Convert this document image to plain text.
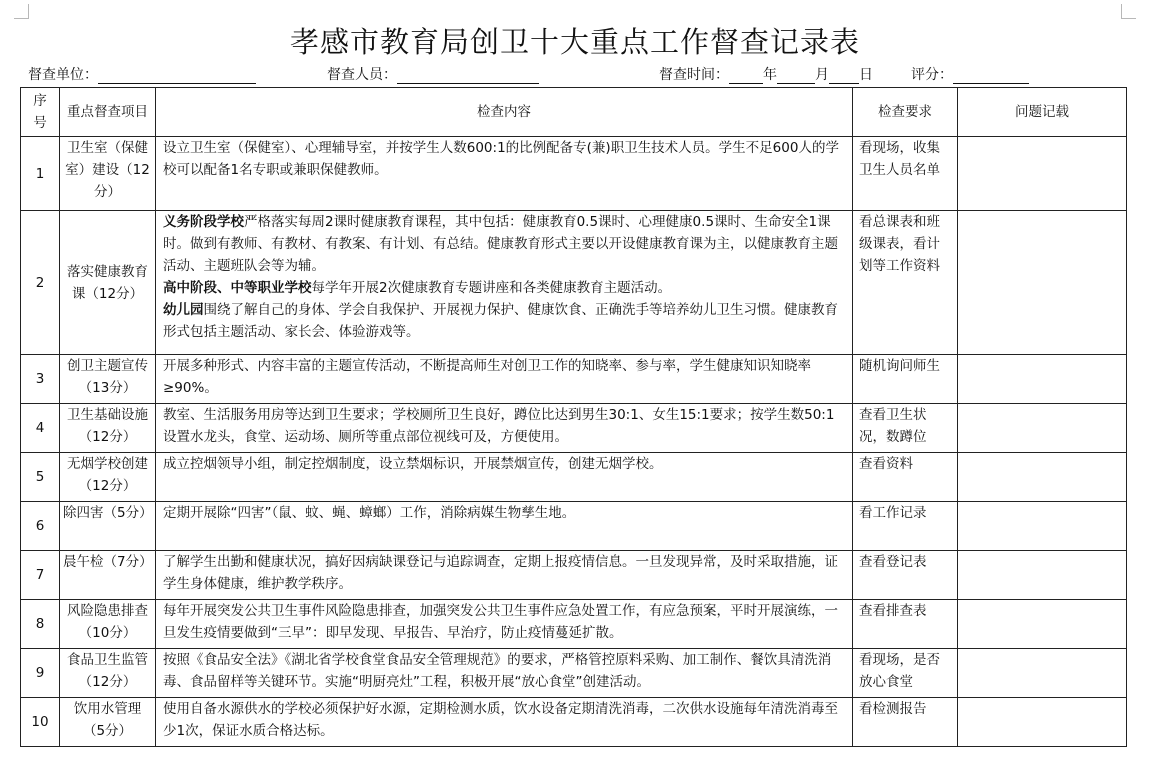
孝感市教育局创卫十大重点工作督查记录表
督查单位：	督查人员：	督查时间： 年	月 日	评分：
序号	重点督查项目	检查内容	检查要求	问题记载
1	卫生室（保健室）建设（12分）	设立卫生室（保健室）、心理辅导室，并按学生人数600:1的比例配备专(兼)职卫生技术人员。学生不足600人的学校可以配备1名专职或兼职保健教师。	看现场，收集卫生人员名单	
2	落实健康教育课（12分）	义务阶段学校严格落实每周2课时健康教育课程，其中包括：健康教育0.5课时、心理健康0.5课时、生命安全1课时。做到有教师、有教材、有教案、有计划、有总结。健康教育形式主要以开设健康教育课为主，以健康教育主题活动、主题班队会等为辅。
高中阶段、中等职业学校每学年开展2次健康教育专题讲座和各类健康教育主题活动。
幼儿园围绕了解自己的身体、学会自我保护、开展视力保护、健康饮食、正确洗手等培养幼儿卫生习惯。健康教育形式包括主题活动、家长会、体验游戏等。	看总课表和班级课表，看计划等工作资料	
3	创卫主题宣传（13分）	开展多种形式、内容丰富的主题宣传活动，不断提高师生对创卫工作的知晓率、参与率，学生健康知识知晓率≥90%。	随机询问师生	
4	卫生基础设施（12分）	教室、生活服务用房等达到卫生要求；学校厕所卫生良好，蹲位比达到男生30:1、女生15:1要求；按学生数50:1设置水龙头，食堂、运动场、厕所等重点部位视线可及，方便使用。	查看卫生状况，数蹲位	
5	无烟学校创建（12分）	成立控烟领导小组，制定控烟制度，设立禁烟标识，开展禁烟宣传，创建无烟学校。	查看资料	
6	除四害（5分）	定期开展除“四害”（鼠、蚊、蝇、蟑螂）工作，消除病媒生物孳生地。	看工作记录	
7	晨午检（7分）	了解学生出勤和健康状况，搞好因病缺课登记与追踪调查，定期上报疫情信息。一旦发现异常，及时采取措施，证学生身体健康，维护教学秩序。	查看登记表	
8	风险隐患排查（10分）	每年开展突发公共卫生事件风险隐患排查，加强突发公共卫生事件应急处置工作，有应急预案，平时开展演练，一旦发生疫情要做到“三早”：即早发现、早报告、早治疗，防止疫情蔓延扩散。	查看排查表	
9	食品卫生监管（12分）	按照《食品安全法》《湖北省学校食堂食品安全管理规范》的要求，严格管控原料采购、加工制作、餐饮具清洗消毒、食品留样等关键环节。实施“明厨亮灶”工程，积极开展“放心食堂”创建活动。	看现场，是否放心食堂	
10	饮用水管理（5分）	使用自备水源供水的学校必须保护好水源，定期检测水质，饮水设备定期清洗消毒，二次供水设施每年清洗消毒至少1次，保证水质合格达标。	看检测报告	
